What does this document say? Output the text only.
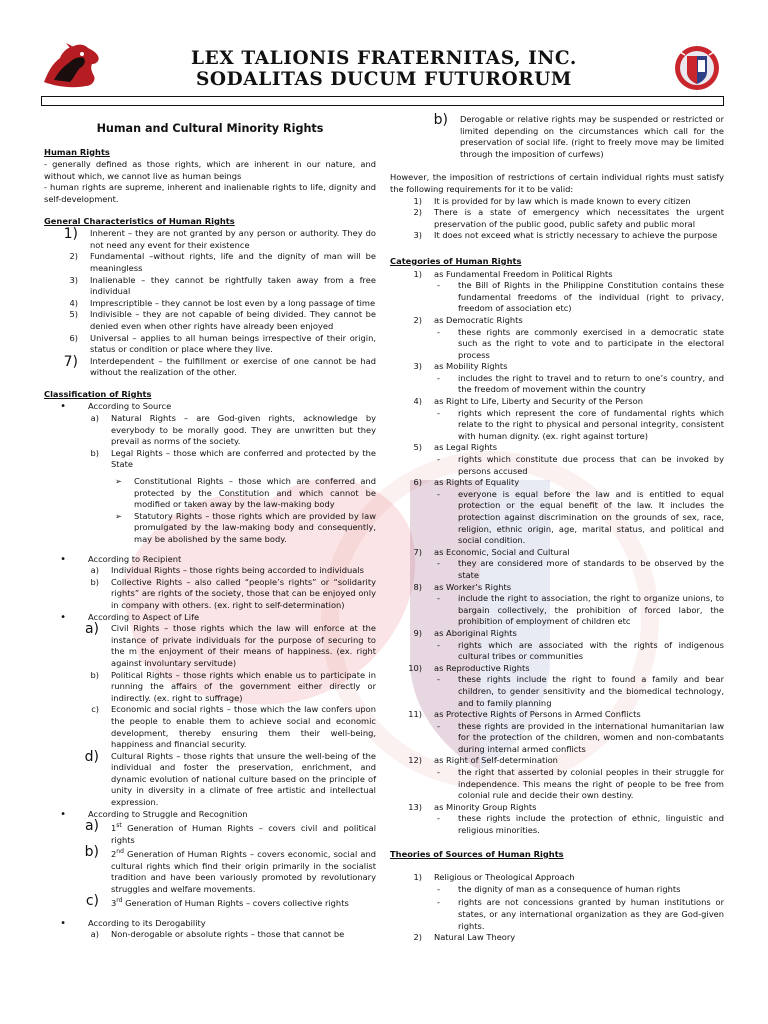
LEX TALIONIS FRATERNITAS, INC.
SODALITAS DUCUM FUTURORUM
Human and Cultural Minority Rights
Human Rights

- generally defined as those rights, which are inherent in our nature, and without which, we cannot live as human beings

- human rights are supreme, inherent and inalienable rights to life, dignity and self-development.

General Characteristics of Human Rights
1)	Inherent – they are not granted by any person or authority. They do not need any event for their existence
2)	Fundamental –without rights, life and the dignity of man will be meaningless
3)	Inalienable – they cannot be rightfully taken away from a free individual
4)	Imprescriptible – they cannot be lost even by a long passage of time
5)	Indivisible – they are not capable of being divided. They cannot be denied even when other rights have already been enjoyed
6)	Universal – applies to all human beings irrespective of their origin, status or condition or place where they live.
7)	Interdependent – the fulfillment or exercise of one cannot be had without the realization of the other.
Classification of Rights
•	According to Source
a)	Natural Rights – are God-given rights, acknowledge by everybody to be morally good. They are unwritten but they prevail as norms of the society.
b)	Legal Rights – those which are conferred and protected by the State
➢	Constitutional Rights – those which are conferred and protected by the Constitution and which cannot be modified or taken away by the law-making body
➢	Statutory Rights – those rights which are provided by law promulgated by the law-making body and consequently, may be abolished by the same body.
•	According to Recipient
a)	Individual Rights – those rights being accorded to individuals
b)	Collective Rights – also called “people’s rights” or “solidarity rights” are rights of the society, those that can be enjoyed only in company with others. (ex. right to self-determination)
•	According to Aspect of Life
a)	Civil Rights – those rights which the law will enforce at the instance of private individuals for the purpose of securing to the m the enjoyment of their means of happiness. (ex. right against involuntary servitude)
b)	Political Rights – those rights which enable us to participate in running the affairs of the government either directly or indirectly. (ex. right to suffrage)
c)	Economic and social rights – those which the law confers upon the people to enable them to achieve social and economic development, thereby ensuring them their well-being, happiness and financial security.
d)	Cultural Rights – those rights that unsure the well-being of the individual and foster the preservation, enrichment, and dynamic evolution of national culture based on the principle of unity in diversity in a climate of free artistic and intellectual expression.
•	According to Struggle and Recognition
a)	1st Generation of Human Rights – covers civil and political rights
b)	2nd Generation of Human Rights – covers economic, social and cultural rights which find their origin primarily in the socialist tradition and have been variously promoted by revolutionary struggles and welfare movements.
c)	3rd Generation of Human Rights – covers collective rights
•	According to its Derogability
a)	Non-derogable or absolute rights – those that cannot be
b)	Derogable or relative rights may be suspended or restricted or limited depending on the circumstances which call for the preservation of social life. (right to freely move may be limited through the imposition of curfews)

However, the imposition of restrictions of certain individual rights must satisfy the following requirements for it to be valid:

1)	It is provided for by law which is made known to every citizen
2)	There is a state of emergency which necessitates the urgent preservation of the public good, public safety and public moral
3)	It does not exceed what is strictly necessary to achieve the purpose
Categories of Human Rights
1)	as Fundamental Freedom in Political Rights
-	the Bill of Rights in the Philippine Constitution contains these fundamental freedoms of the individual (right to privacy, freedom of association etc)
2)	as Democratic Rights
-	these rights are commonly exercised in a democratic state such as the right to vote and to participate in the electoral process
3)	as Mobility Rights
-	includes the right to travel and to return to one’s country, and the freedom of movement within the country
4)	as Right to Life, Liberty and Security of the Person
-	rights which represent the core of fundamental rights which relate to the right to physical and personal integrity, consistent with human dignity. (ex. right against torture)
5)	as Legal Rights
-	rights which constitute due process that can be invoked by persons accused
6)	as Rights of Equality
-	everyone is equal before the law and is entitled to equal protection or the equal benefit of the law. It includes the protection against discrimination on the grounds of sex, race, religion, ethnic origin, age, marital status, and political and social condition.
7)	as Economic, Social and Cultural
-	they are considered more of standards to be observed by the state
8)	as Worker’s Rights
-	include the right to association, the right to organize unions, to bargain collectively, the prohibition of forced labor, the prohibition of employment of children etc
9)	as Aboriginal Rights
-	rights which are associated with the rights of indigenous cultural tribes or communities
10)	as Reproductive Rights
-	these rights include the right to found a family and bear children, to gender sensitivity and the biomedical technology, and to family planning
11)	as Protective Rights of Persons in Armed Conflicts
-	these rights are provided in the international humanitarian law for the protection of the children, women and non-combatants during internal armed conflicts
12)	as Right of Self-determination
-	the right that asserted by colonial peoples in their struggle for independence. This means the right of people to be free from colonial rule and decide their own destiny.
13)	as Minority Group Rights
-	these rights include the protection of ethnic, linguistic and religious minorities.
Theories of Sources of Human Rights
1)	Religious or Theological Approach
-	the dignity of man as a consequence of human rights
-	rights are not concessions granted by human institutions or states, or any international organization as they are God-given rights.
2)	Natural Law Theory
